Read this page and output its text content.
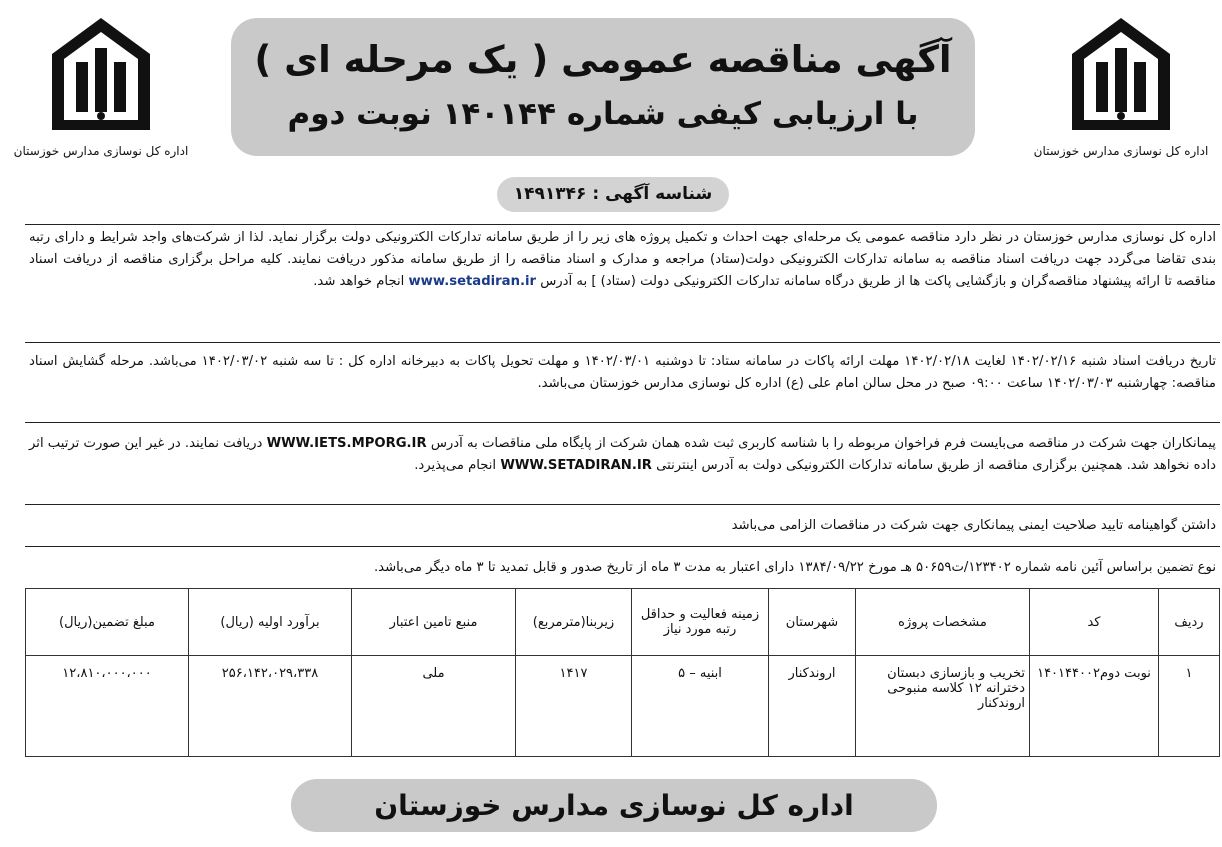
اداره کل نوسازی مدارس خوزستان
اداره کل نوسازی مدارس خوزستان
آگهی مناقصه عمومی ( یک مرحله ای )
با ارزیابی کیفی شماره ۱۴۰۱۴۴ نوبت دوم
شناسه آگهی : ۱۴۹۱۳۴۶
اداره کل نوسازی مدارس خوزستان در نظر دارد مناقصه عمومی یک مرحله‌ای جهت احداث و تکمیل پروژه های زیر را از طریق سامانه تدارکات الکترونیکی دولت برگزار نماید. لذا از شرکت‌های واجد شرایط و دارای رتبه بندی تقاضا می‌گردد جهت دریافت اسناد مناقصه به سامانه تدارکات الکترونیکی دولت(ستاد) مراجعه و مدارک و اسناد مناقصه را از طریق سامانه مذکور دریافت نمایند. کلیه مراحل برگزاری مناقصه از دریافت اسناد مناقصه تا ارائه پیشنهاد مناقصه‌گران و بازگشایی پاکت ها از طریق درگاه سامانه تدارکات الکترونیکی دولت (ستاد) ] به آدرس www.setadiran.ir انجام خواهد شد.
تاریخ دریافت اسناد شنبه ۱۴۰۲/۰۲/۱۶ لغایت ۱۴۰۲/۰۲/۱۸ مهلت ارائه پاکات در سامانه ستاد: تا دوشنبه ۱۴۰۲/۰۳/۰۱ و مهلت تحویل پاکات به دبیرخانه اداره کل : تا سه شنبه ۱۴۰۲/۰۳/۰۲ می‌باشد. مرحله گشایش اسناد مناقصه: چهارشنبه ۱۴۰۲/۰۳/۰۳ ساعت ۰۹:۰۰ صبح در محل سالن امام علی (ع) اداره کل نوسازی مدارس خوزستان می‌باشد.
پیمانکاران جهت شرکت در مناقصه می‌بایست فرم فراخوان مربوطه را با شناسه کاربری ثبت شده همان شرکت از پایگاه ملی مناقصات به آدرس WWW.IETS.MPORG.IR دریافت نمایند. در غیر این صورت ترتیب اثر داده نخواهد شد. همچنین برگزاری مناقصه از طریق سامانه تدارکات الکترونیکی دولت به آدرس اینترنتی WWW.SETADIRAN.IR انجام می‌پذیرد.
داشتن گواهینامه تایید صلاحیت ایمنی پیمانکاری جهت شرکت در مناقصات الزامی می‌باشد
نوع تضمین براساس آئین نامه شماره ۱۲۳۴۰۲/ت۵۰۶۵۹ هـ مورخ ۱۳۸۴/۰۹/۲۲ دارای اعتبار به مدت ۳ ماه از تاریخ صدور و قابل تمدید تا ۳ ماه دیگر می‌باشد.
ردیف	کد	مشخصات پروژه	شهرستان	زمینه فعالیت و حداقل رتبه مورد نیاز	زیربنا(مترمربع)	منبع تامین اعتبار	برآورد اولیه (ریال)	مبلغ تضمین(ریال)
۱	نوبت دوم۱۴۰۱۴۴۰۰۲	تخریب و بازسازی دبستان دخترانه ۱۲ کلاسه منبوحی اروندکنار	اروندکنار	ابنیه – ۵	۱۴۱۷	ملی	۲۵۶،۱۴۲،۰۲۹،۳۳۸	۱۲،۸۱۰،۰۰۰،۰۰۰
اداره کل نوسازی مدارس خوزستان
